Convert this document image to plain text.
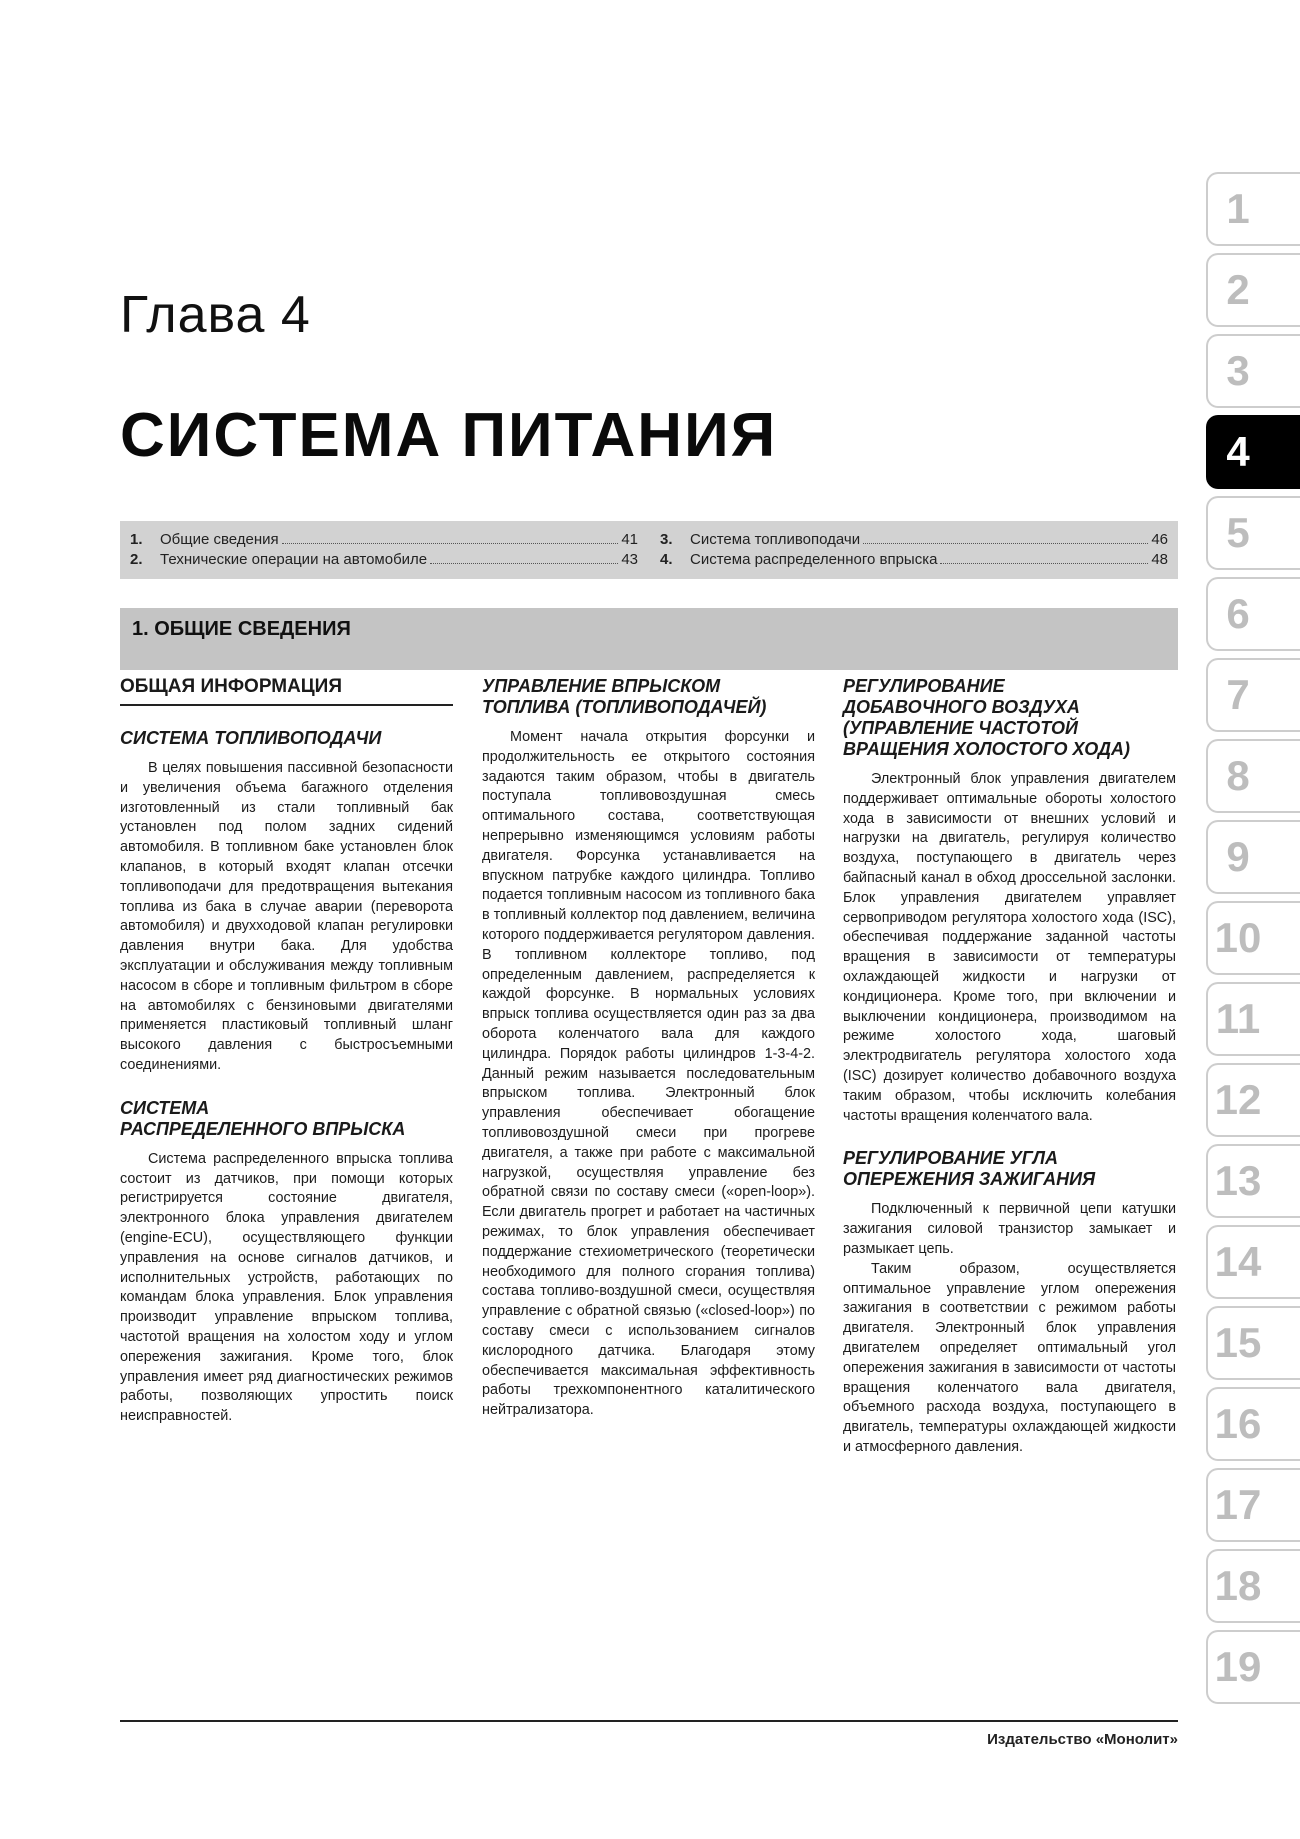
Глава 4
СИСТЕМА ПИТАНИЯ
1.	Общие сведения	41
2.	Технические операции на автомобиле	43
3.	Система топливоподачи	46
4.	Система распределенного впрыска	48
1. ОБЩИЕ СВЕДЕНИЯ
ОБЩАЯ ИНФОРМАЦИЯ
СИСТЕМА ТОПЛИВОПОДАЧИ

В целях повышения пассивной безопасности и увеличения объема багажного отделения изготовленный из стали топливный бак установлен под полом задних сидений автомобиля. В топливном баке установлен блок клапанов, в который входят клапан отсечки топливоподачи для предотвращения вытекания топлива из бака в случае аварии (переворота автомобиля) и двухходовой клапан регулировки давления внутри бака. Для удобства эксплуатации и обслуживания между топливным насосом в сборе и топливным фильтром в сборе на автомобилях с бензиновыми двигателями применяется пластиковый топливный шланг высокого давления с быстросъемными соединениями.

СИСТЕМА
РАСПРЕДЕЛЕННОГО ВПРЫСКА

Система распределенного впрыска топлива состоит из датчиков, при помощи которых регистрируется состояние двигателя, электронного блока управления двигателем (engine-ECU), осуществляющего функции управления на основе сигналов датчиков, и исполнительных устройств, работающих по командам блока управления. Блок управления производит управление впрыском топлива, частотой вращения на холостом ходу и углом опережения зажигания. Кроме того, блок управления имеет ряд диагностических режимов работы, позволяющих упростить поиск неисправностей.

УПРАВЛЕНИЕ ВПРЫСКОМ
ТОПЛИВА (ТОПЛИВОПОДАЧЕЙ)

Момент начала открытия форсунки и продолжительность ее открытого состояния задаются таким образом, чтобы в двигатель поступала топливовоздушная смесь оптимального состава, соответствующая непрерывно изменяющимся условиям работы двигателя. Форсунка устанавливается на впускном патрубке каждого цилиндра. Топливо подается топливным насосом из топливного бака в топливный коллектор под давлением, величина которого поддерживается регулятором давления. В топливном коллекторе топливо, под определенным давлением, распределяется к каждой форсунке. В нормальных условиях впрыск топлива осуществляется один раз за два оборота коленчатого вала для каждого цилиндра. Порядок работы цилиндров 1-3-4-2. Данный режим называется последовательным впрыском топлива. Электронный блок управления обеспечивает обогащение топливовоздушной смеси при прогреве двигателя, а также при работе с максимальной нагрузкой, осуществляя управление без обратной связи по составу смеси («open-loop»). Если двигатель прогрет и работает на частичных режимах, то блок управления обеспечивает поддержание стехиометрического (теоретически необходимого для полного сгорания топлива) состава топливо-воздушной смеси, осуществляя управление с обратной связью («closed-loop») по составу смеси с использованием сигналов кислородного датчика. Благодаря этому обеспечивается максимальная эффективность работы трехкомпонентного каталитического нейтрализатора.

РЕГУЛИРОВАНИЕ
ДОБАВОЧНОГО ВОЗДУХА
(УПРАВЛЕНИЕ ЧАСТОТОЙ
ВРАЩЕНИЯ ХОЛОСТОГО ХОДА)

Электронный блок управления двигателем поддерживает оптимальные обороты холостого хода в зависимости от внешних условий и нагрузки на двигатель, регулируя количество воздуха, поступающего в двигатель через байпасный канал в обход дроссельной заслонки. Блок управления двигателем управляет сервоприводом регулятора холостого хода (ISC), обеспечивая поддержание заданной частоты вращения в зависимости от температуры охлаждающей жидкости и нагрузки от кондиционера. Кроме того, при включении и выключении кондиционера, производимом на режиме холостого хода, шаговый электродвигатель регулятора холостого хода (ISC) дозирует количество добавочного воздуха таким образом, чтобы исключить колебания частоты вращения коленчатого вала.

РЕГУЛИРОВАНИЕ УГЛА
ОПЕРЕЖЕНИЯ ЗАЖИГАНИЯ

Подключенный к первичной цепи катушки зажигания силовой транзистор замыкает и размыкает цепь.

Таким образом, осуществляется оптимальное управление углом опережения зажигания в соответствии с режимом работы двигателя. Электронный блок управления двигателем определяет оптимальный угол опережения зажигания в зависимости от частоты вращения коленчатого вала двигателя, объемного расхода воздуха, поступающего в двигатель, температуры охлаждающей жидкости и атмосферного давления.

1
2
3
4
5
6
7
8
9
10
11
12
13
14
15
16
17
18
19
Издательство «Монолит»
